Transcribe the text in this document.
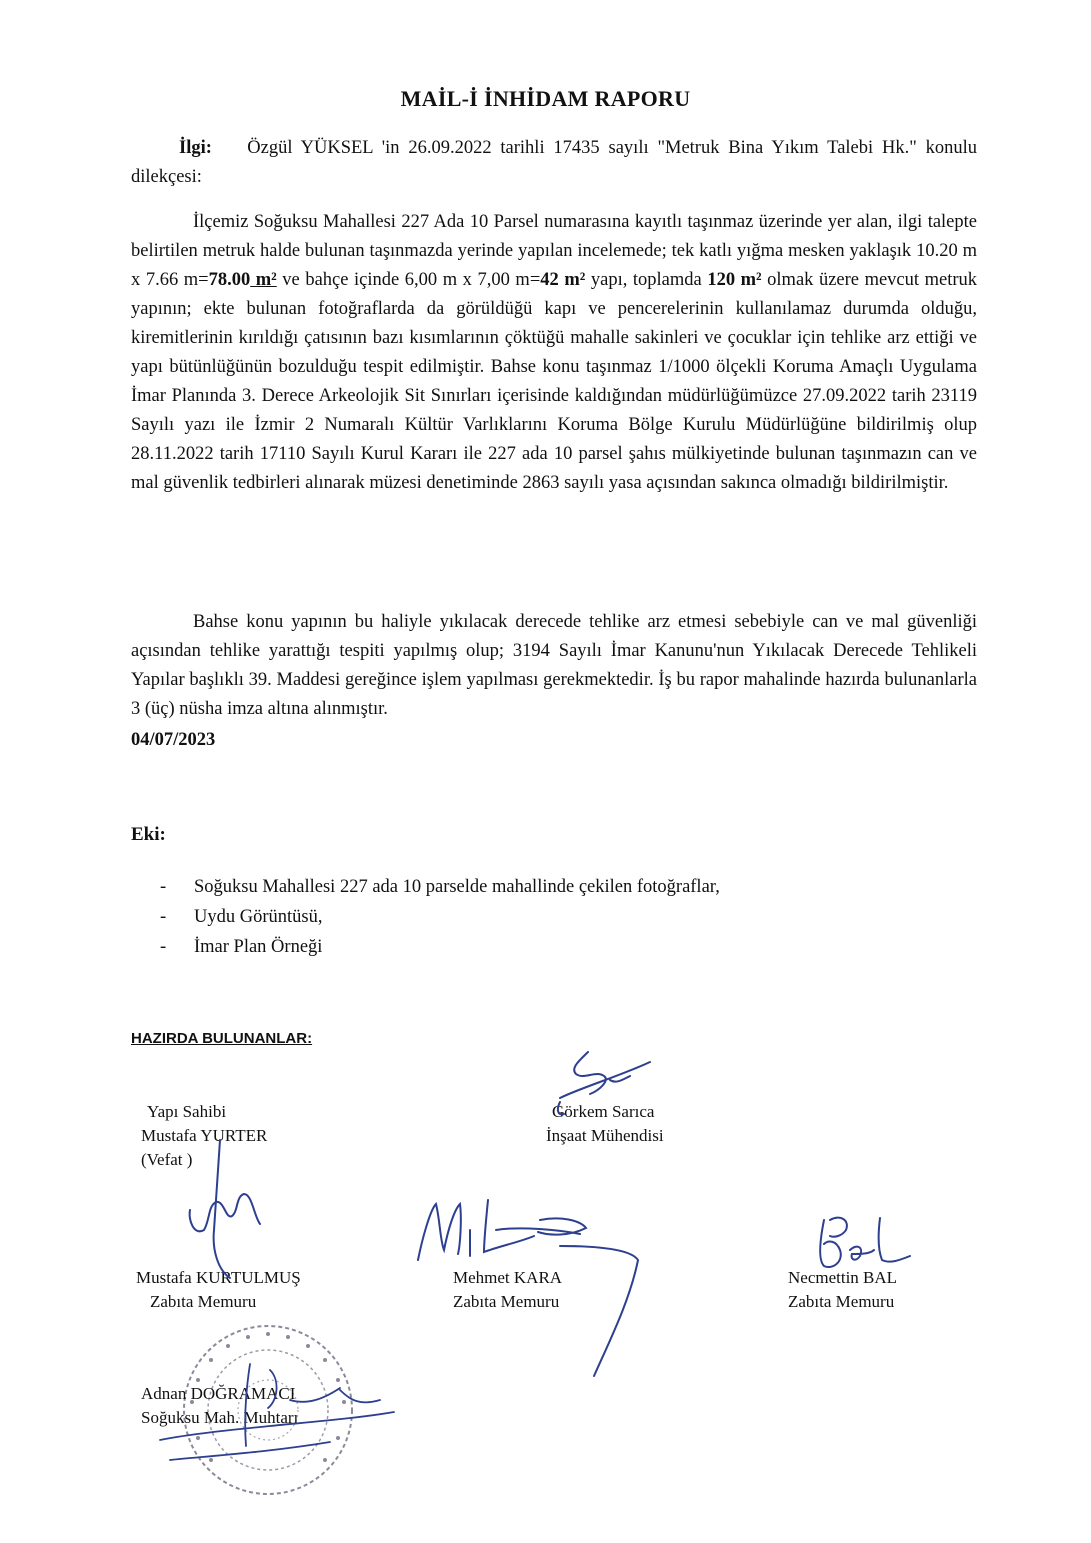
MAİL-İ İNHİDAM RAPORU
İlgi: Özgül YÜKSEL 'in 26.09.2022 tarihli 17435 sayılı "Metruk Bina Yıkım Talebi Hk." konulu dilekçesi:
İlçemiz Soğuksu Mahallesi 227 Ada 10 Parsel numarasına kayıtlı taşınmaz üzerinde yer alan, ilgi talepte belirtilen metruk halde bulunan taşınmazda yerinde yapılan incelemede; tek katlı yığma mesken yaklaşık 10.20 m x 7.66 m=78.00 m² ve bahçe içinde 6,00 m x 7,00 m=42 m² yapı, toplamda 120 m² olmak üzere mevcut metruk yapının; ekte bulunan fotoğraflarda da görüldüğü kapı ve pencerelerinin kullanılamaz durumda olduğu, kiremitlerinin kırıldığı çatısının bazı kısımlarının çöktüğü mahalle sakinleri ve çocuklar için tehlike arz ettiği ve yapı bütünlüğünün bozulduğu tespit edilmiştir. Bahse konu taşınmaz 1/1000 ölçekli Koruma Amaçlı Uygulama İmar Planında 3. Derece Arkeolojik Sit Sınırları içerisinde kaldığından müdürlüğümüzce 27.09.2022 tarih 23119 Sayılı yazı ile İzmir 2 Numaralı Kültür Varlıklarını Koruma Bölge Kurulu Müdürlüğüne bildirilmiş olup 28.11.2022 tarih 17110 Sayılı Kurul Kararı ile 227 ada 10 parsel şahıs mülkiyetinde bulunan taşınmazın can ve mal güvenlik tedbirleri alınarak müzesi denetiminde 2863 sayılı yasa açısından sakınca olmadığı bildirilmiştir.
Bahse konu yapının bu haliyle yıkılacak derecede tehlike arz etmesi sebebiyle can ve mal güvenliği açısından tehlike yarattığı tespiti yapılmış olup; 3194 Sayılı İmar Kanunu'nun Yıkılacak Derecede Tehlikeli Yapılar başlıklı 39. Maddesi gereğince işlem yapılması gerekmektedir. İş bu rapor mahalinde hazırda bulunanlarla 3 (üç) nüsha imza altına alınmıştır.
04/07/2023
Eki:
-	Soğuksu Mahallesi 227 ada 10 parselde mahallinde çekilen fotoğraflar,
-	Uydu Görüntüsü,
-	İmar Plan Örneği
HAZIRDA BULUNANLAR:
Yapı Sahibi
Mustafa YURTER
(Vefat )
Görkem Sarıca
İnşaat Mühendisi
Mustafa KURTULMUŞ
Zabıta Memuru
Mehmet KARA
Zabıta Memuru
Necmettin BAL
Zabıta Memuru
Adnan DOĞRAMACI
Soğuksu Mah. Muhtarı
